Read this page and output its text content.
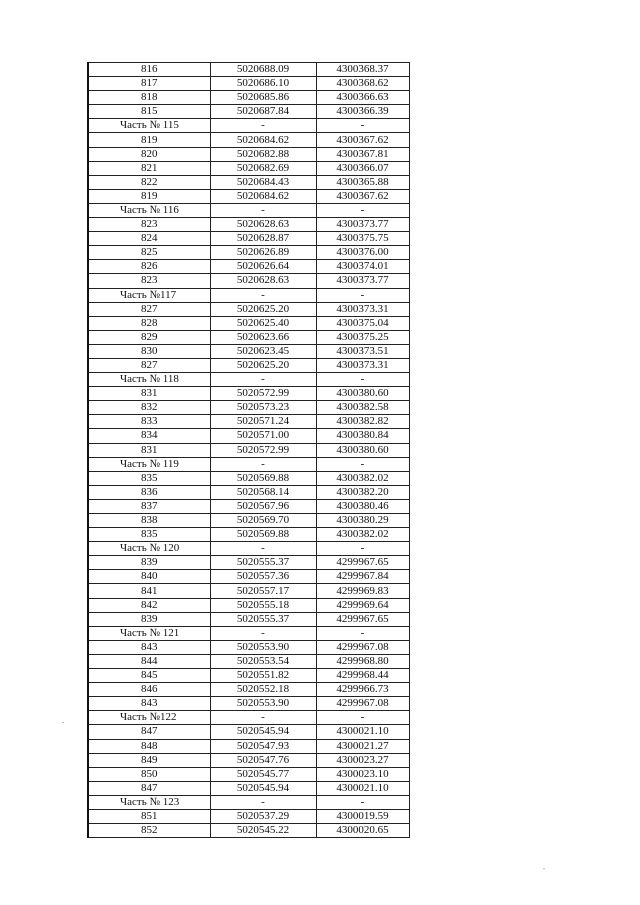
816	5020688.09	4300368.37
817	5020686.10	4300368.62
818	5020685.86	4300366.63
815	5020687.84	4300366.39
Часть № 115	-	-
819	5020684.62	4300367.62
820	5020682.88	4300367.81
821	5020682.69	4300366.07
822	5020684.43	4300365.88
819	5020684.62	4300367.62
Часть № 116	-	-
823	5020628.63	4300373.77
824	5020628.87	4300375.75
825	5020626.89	4300376.00
826	5020626.64	4300374.01
823	5020628.63	4300373.77
Часть №117	-	-
827	5020625.20	4300373.31
828	5020625.40	4300375.04
829	5020623.66	4300375.25
830	5020623.45	4300373.51
827	5020625.20	4300373.31
Часть № 118	-	-
831	5020572.99	4300380.60
832	5020573.23	4300382.58
833	5020571.24	4300382.82
834	5020571.00	4300380.84
831	5020572.99	4300380.60
Часть № 119	-	-
835	5020569.88	4300382.02
836	5020568.14	4300382.20
837	5020567.96	4300380.46
838	5020569.70	4300380.29
835	5020569.88	4300382.02
Часть № 120	-	-
839	5020555.37	4299967.65
840	5020557.36	4299967.84
841	5020557.17	4299969.83
842	5020555.18	4299969.64
839	5020555.37	4299967.65
Часть № 121	-	-
843	5020553.90	4299967.08
844	5020553.54	4299968.80
845	5020551.82	4299968.44
846	5020552.18	4299966.73
843	5020553.90	4299967.08
Часть №122	-	-
847	5020545.94	4300021.10
848	5020547.93	4300021.27
849	5020547.76	4300023.27
850	5020545.77	4300023.10
847	5020545.94	4300021.10
Часть № 123	-	-
851	5020537.29	4300019.59
852	5020545.22	4300020.65
